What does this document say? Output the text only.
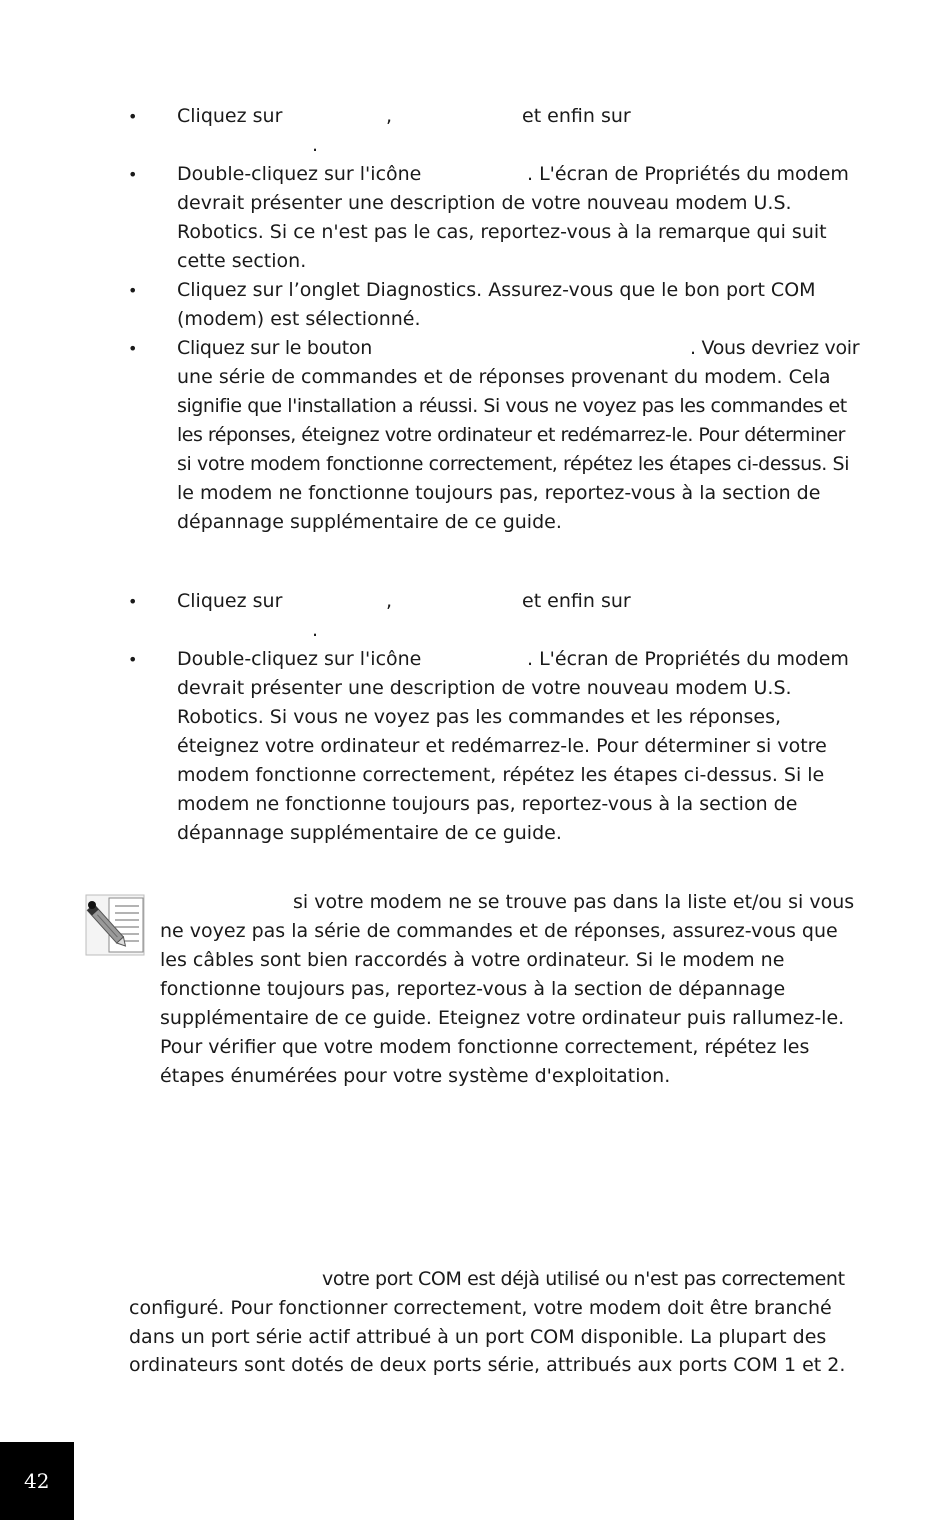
• Cliquez sur	,	et enfin sur
.
• Double-cliquez sur l'icône	. L'écran de Propriétés du modem
devrait présenter une description de votre nouveau modem U.S.
Robotics. Si ce n'est pas le cas, reportez-vous à la remarque qui suit
cette section.
• Cliquez sur l’onglet Diagnostics. Assurez-vous que le bon port COM
(modem) est sélectionné.
• Cliquez sur le bouton	. Vous devriez voir
une série de commandes et de réponses provenant du modem. Cela
signifie que l'installation a réussi. Si vous ne voyez pas les commandes et
les réponses, éteignez votre ordinateur et redémarrez-le. Pour déterminer
si votre modem fonctionne correctement, répétez les étapes ci-dessus. Si
le modem ne fonctionne toujours pas, reportez-vous à la section de
dépannage supplémentaire de ce guide.
• Cliquez sur	,	et enfin sur
.
• Double-cliquez sur l'icône	. L'écran de Propriétés du modem
devrait présenter une description de votre nouveau modem U.S.
Robotics. Si vous ne voyez pas les commandes et les réponses,
éteignez votre ordinateur et redémarrez-le. Pour déterminer si votre
modem fonctionne correctement, répétez les étapes ci-dessus. Si le
modem ne fonctionne toujours pas, reportez-vous à la section de
dépannage supplémentaire de ce guide.
si votre modem ne se trouve pas dans la liste et/ou si vous
ne voyez pas la série de commandes et de réponses, assurez-vous que
les câbles sont bien raccordés à votre ordinateur. Si le modem ne
fonctionne toujours pas, reportez-vous à la section de dépannage
supplémentaire de ce guide. Eteignez votre ordinateur puis rallumez-le.
Pour vérifier que votre modem fonctionne correctement, répétez les
étapes énumérées pour votre système d'exploitation.
votre port COM est déjà utilisé ou n'est pas correctement
configuré. Pour fonctionner correctement, votre modem doit être branché
dans un port série actif attribué à un port COM disponible. La plupart des
ordinateurs sont dotés de deux ports série, attribués aux ports COM 1 et 2.
42
